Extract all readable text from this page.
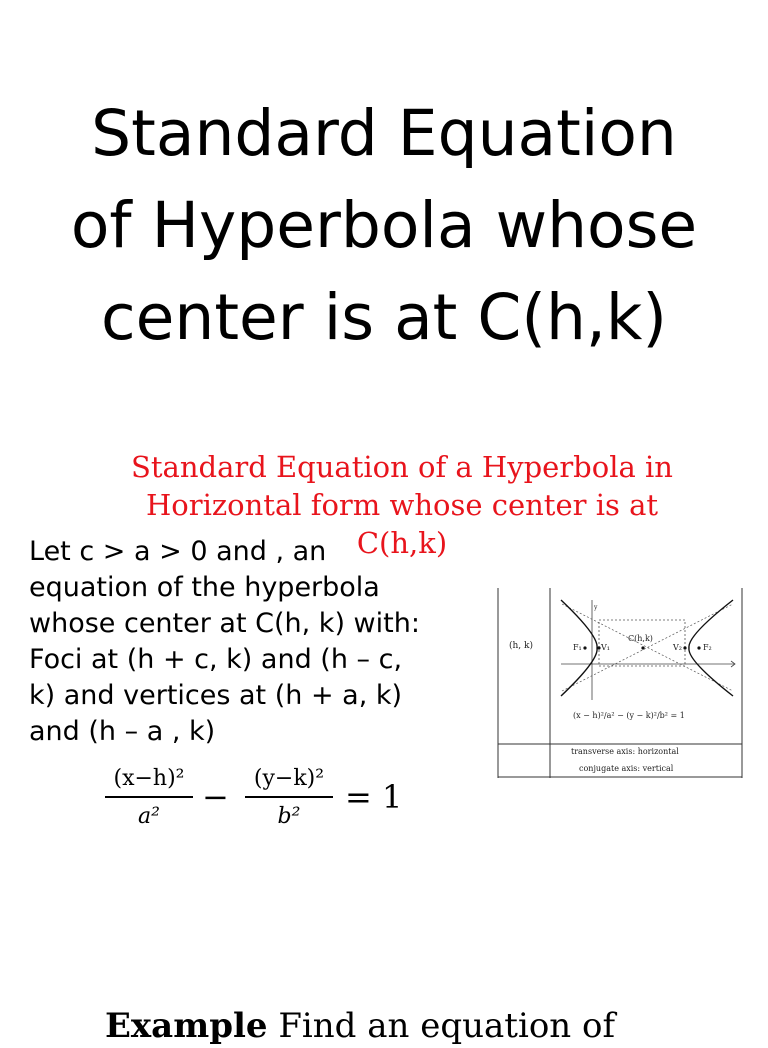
Standard Equation
of Hyperbola whose
center is at C(h,k)
Let c > a > 0 and , an
equation of the hyperbola
whose center at C(h, k) with:
Foci at (h + c, k) and (h – c,
k) and vertices at (h + a, k)
and (h – a , k)
Standard Equation of a Hyperbola in
Horizontal form whose center is at
C(h,k)
(x−h)²
a²
−	(y−k)²
b²
= 1
(h, k)
y
F₁ V₁
C(h,k)
V₂	F₂
(x − h)²/a² − (y − k)²/b² = 1
transverse axis: horizontal
conjugate axis: vertical
Example Find an equation of
